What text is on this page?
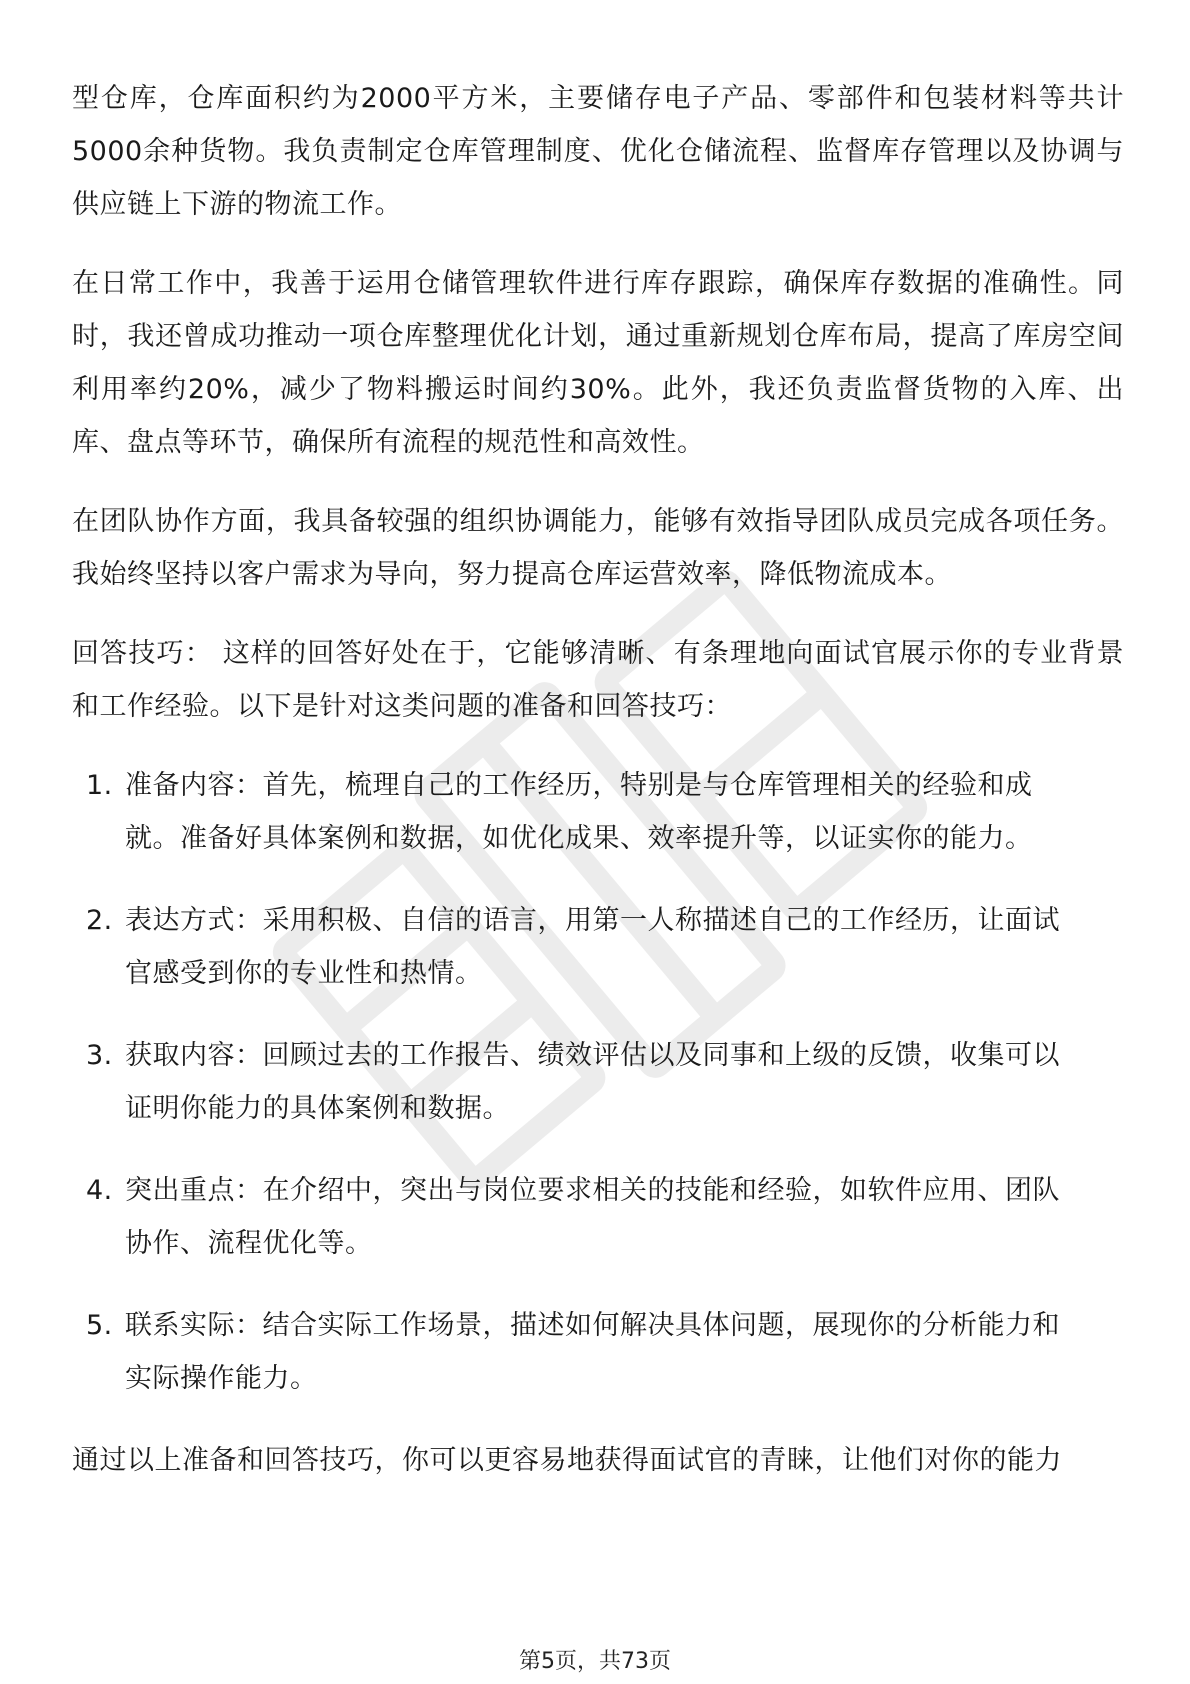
型仓库，仓库面积约为2000平方米，主要储存电子产品、零部件和包装材料等共计5000余种货物。我负责制定仓库管理制度、优化仓储流程、监督库存管理以及协调与供应链上下游的物流工作。

在日常工作中，我善于运用仓储管理软件进行库存跟踪，确保库存数据的准确性。同时，我还曾成功推动一项仓库整理优化计划，通过重新规划仓库布局，提高了库房空间利用率约20%，减少了物料搬运时间约30%。此外，我还负责监督货物的入库、出库、盘点等环节，确保所有流程的规范性和高效性。

在团队协作方面，我具备较强的组织协调能力，能够有效指导团队成员完成各项任务。我始终坚持以客户需求为导向，努力提高仓库运营效率，降低物流成本。

回答技巧： 这样的回答好处在于，它能够清晰、有条理地向面试官展示你的专业背景和工作经验。以下是针对这类问题的准备和回答技巧：

1. 准备内容：首先，梳理自己的工作经历，特别是与仓库管理相关的经验和成就。准备好具体案例和数据，如优化成果、效率提升等，以证实你的能力。
2. 表达方式：采用积极、自信的语言，用第一人称描述自己的工作经历，让面试官感受到你的专业性和热情。
3. 获取内容：回顾过去的工作报告、绩效评估以及同事和上级的反馈，收集可以证明你能力的具体案例和数据。
4. 突出重点：在介绍中，突出与岗位要求相关的技能和经验，如软件应用、团队协作、流程优化等。
5. 联系实际：结合实际工作场景，描述如何解决具体问题，展现你的分析能力和实际操作能力。

通过以上准备和回答技巧，你可以更容易地获得面试官的青睐，让他们对你的能力

第5页，共73页
